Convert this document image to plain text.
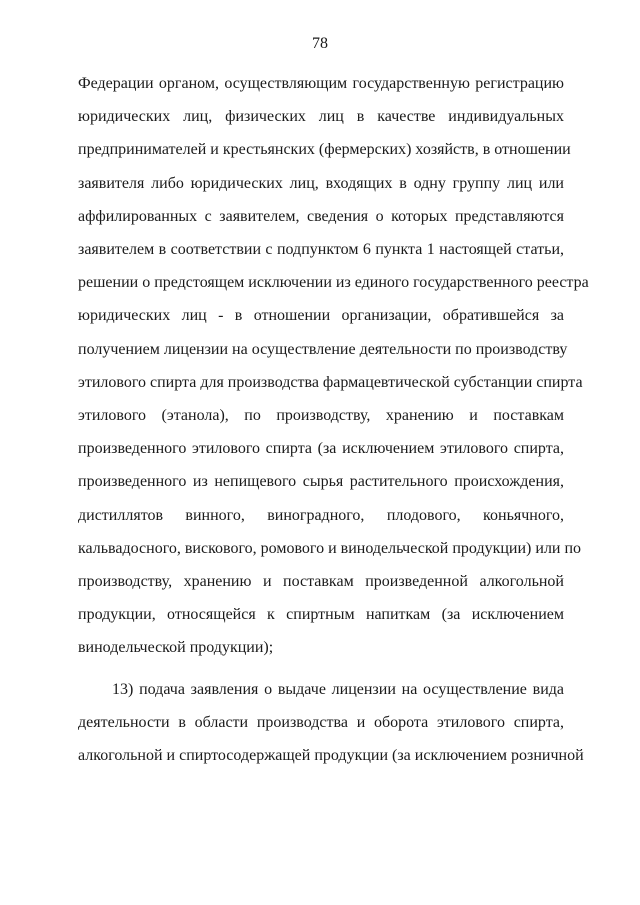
78
Федерации органом, осуществляющим государственную регистрацию
юридических лиц, физических лиц в качестве индивидуальных
предпринимателей и крестьянских (фермерских) хозяйств, в отношении
заявителя либо юридических лиц, входящих в одну группу лиц или
аффилированных с заявителем, сведения о которых представляются
заявителем в соответствии с подпунктом 6 пункта 1 настоящей статьи,
решении о предстоящем исключении из единого государственного реестра
юридических лиц - в отношении организации, обратившейся за
получением лицензии на осуществление деятельности по производству
этилового спирта для производства фармацевтической субстанции спирта
этилового (этанола), по производству, хранению и поставкам
произведенного этилового спирта (за исключением этилового спирта,
произведенного из непищевого сырья растительного происхождения,
дистиллятов винного, виноградного, плодового, коньячного,
кальвадосного, вискового, ромового и винодельческой продукции) или по
производству, хранению и поставкам произведенной алкогольной
продукции, относящейся к спиртным напиткам (за исключением
винодельческой продукции);
13) подача заявления о выдаче лицензии на осуществление вида
деятельности в области производства и оборота этилового спирта,
алкогольной и спиртосодержащей продукции (за исключением розничной
